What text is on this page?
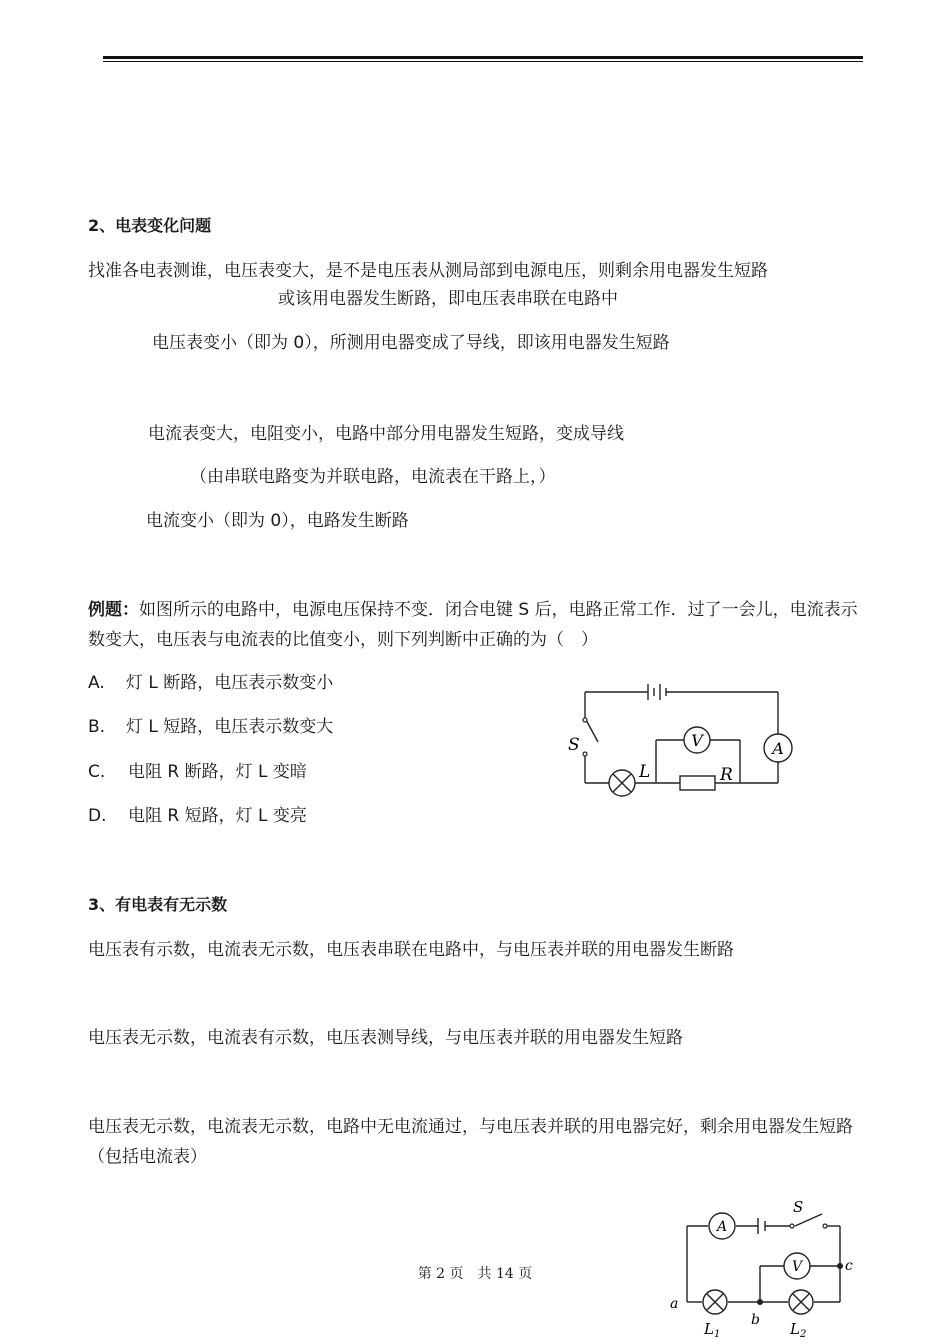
2、电表变化问题
找准各电表测谁，电压表变大，是不是电压表从测局部到电源电压，则剩余用电器发生短路
或该用电器发生断路，即电压表串联在电路中
电压表变小（即为 0），所测用电器变成了导线，即该用电器发生短路
电流表变大，电阻变小，电路中部分用电器发生短路，变成导线
（由串联电路变为并联电路，电流表在干路上，）
电流变小（即为 0），电路发生断路
例题：如图所示的电路中，电源电压保持不变．闭合电键 S 后，电路正常工作．过了一会儿，电流表示数变大，电压表与电流表的比值变小，则下列判断中正确的为（　）
A. 灯 L 断路，电压表示数变小
B. 灯 L 短路，电压表示数变大
C. 电阻 R 断路，灯 L 变暗
D. 电阻 R 短路，灯 L 变亮
A
V
S
L	R
3、有电表有无示数
电压表有示数，电流表无示数，电压表串联在电路中，与电压表并联的用电器发生断路
电压表无示数，电流表有示数，电压表测导线，与电压表并联的用电器发生短路
电压表无示数，电流表无示数，电路中无电流通过，与电压表并联的用电器完好，剩余用电器发生短路（包括电流表）
第 2 页　共 14 页
A
V
S
a
b
c
$L_1$	$L_2$
